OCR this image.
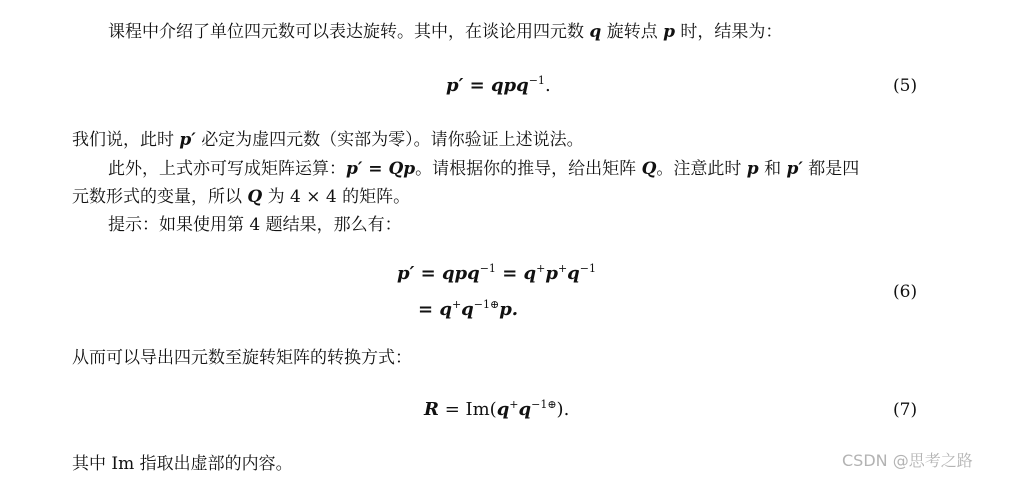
课程中介绍了单位四元数可以表达旋转。其中，在谈论用四元数 q 旋转点 p 时，结果为：
p′ = qpq$^{-1}$.	(5)
我们说，此时 p′ 必定为虚四元数（实部为零）。请你验证上述说法。
此外，上式亦可写成矩阵运算：p′ = Qp。请根据你的推导，给出矩阵 Q。注意此时 p 和 p′ 都是四
元数形式的变量，所以 Q 为 4 × 4 的矩阵。
提示：如果使用第 4 题结果，那么有：
$p' = qpq^{-1} = q^+p^+q^{-1}$
= $q^+q^{-1\oplus}p$.
(6)
从而可以导出四元数至旋转矩阵的转换方式：
$R = Im(q^+q^{-1\oplus})$.	(7)
其中 Im 指取出虚部的内容。	CSDN @思考之路
